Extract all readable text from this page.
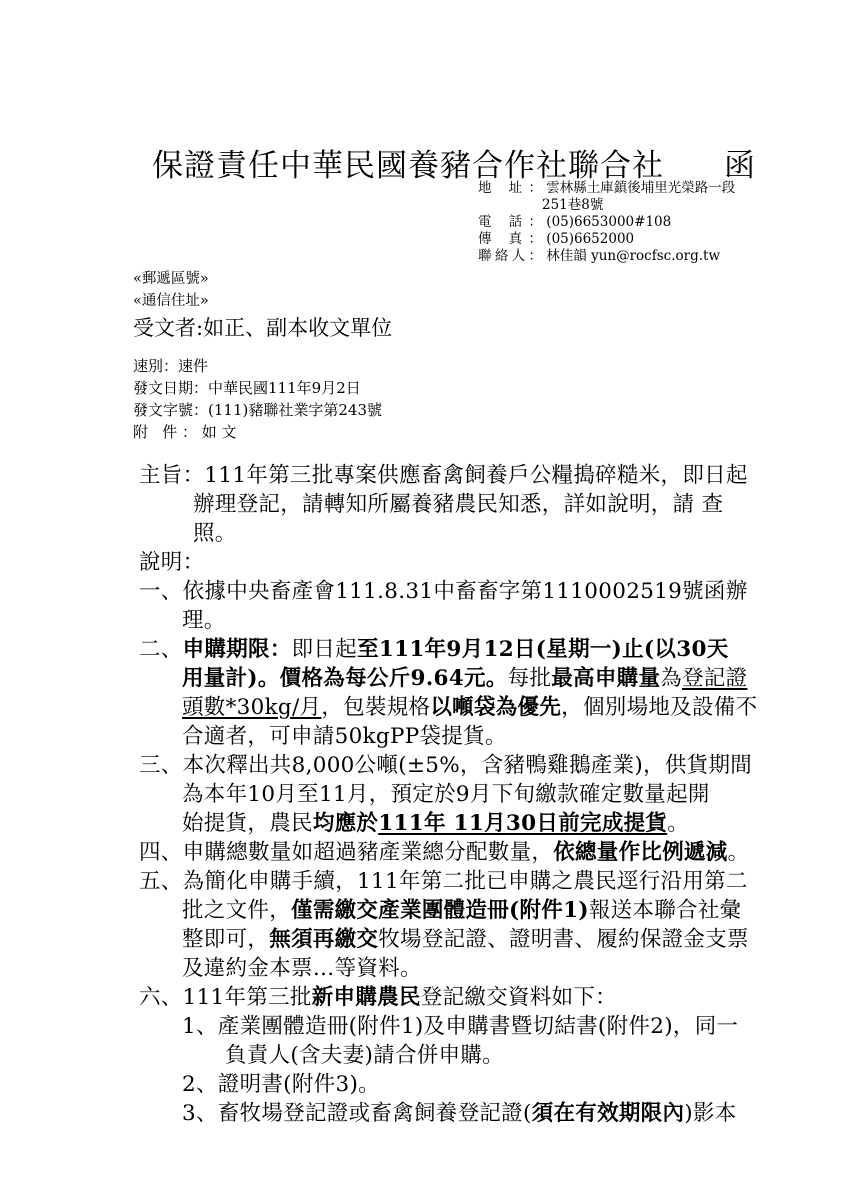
保證責任中華民國養豬合作社聯合社 函
地 址： 雲林縣土庫鎮後埔里光榮路一段
251巷8號
電 話： (05)6653000#108
傳 真： (05)6652000
聯絡人： 林佳韻 yun@rocfsc.org.tw
«郵遞區號»
«通信住址»
受文者:如正、副本收文單位
速別：速件
發文日期：中華民國111年9月2日
發文字號：(111)豬聯社業字第243號
附 件： 如 文
主旨：111年第三批專案供應畜禽飼養戶公糧搗碎糙米，即日起
辦理登記，請轉知所屬養豬農民知悉，詳如說明，請 查
照。
說明：
一、依據中央畜產會111.8.31中畜畜字第1110002519號函辦
理。
二、申購期限：即日起至111年9月12日(星期一)止(以30天
用量計)。價格為每公斤9.64元。每批最高申購量為登記證
頭數*30kg/月，包裝規格以噸袋為優先，個別場地及設備不
合適者，可申請50kgPP袋提貨。
三、本次釋出共8,000公噸(±5%，含豬鴨雞鵝產業)，供貨期間
為本年10月至11月，預定於9月下旬繳款確定數量起開
始提貨，農民均應於111年 11月30日前完成提貨。
四、申購總數量如超過豬產業總分配數量，依總量作比例遞減。
五、為簡化申購手續，111年第二批已申購之農民逕行沿用第二
批之文件，僅需繳交產業團體造冊(附件1)報送本聯合社彙
整即可，無須再繳交牧場登記證、證明書、履約保證金支票
及違約金本票…等資料。
六、111年第三批新申購農民登記繳交資料如下：
1、產業團體造冊(附件1)及申購書暨切結書(附件2)，同一
負責人(含夫妻)請合併申購。
2、證明書(附件3)。
3、畜牧場登記證或畜禽飼養登記證(須在有效期限內)影本
